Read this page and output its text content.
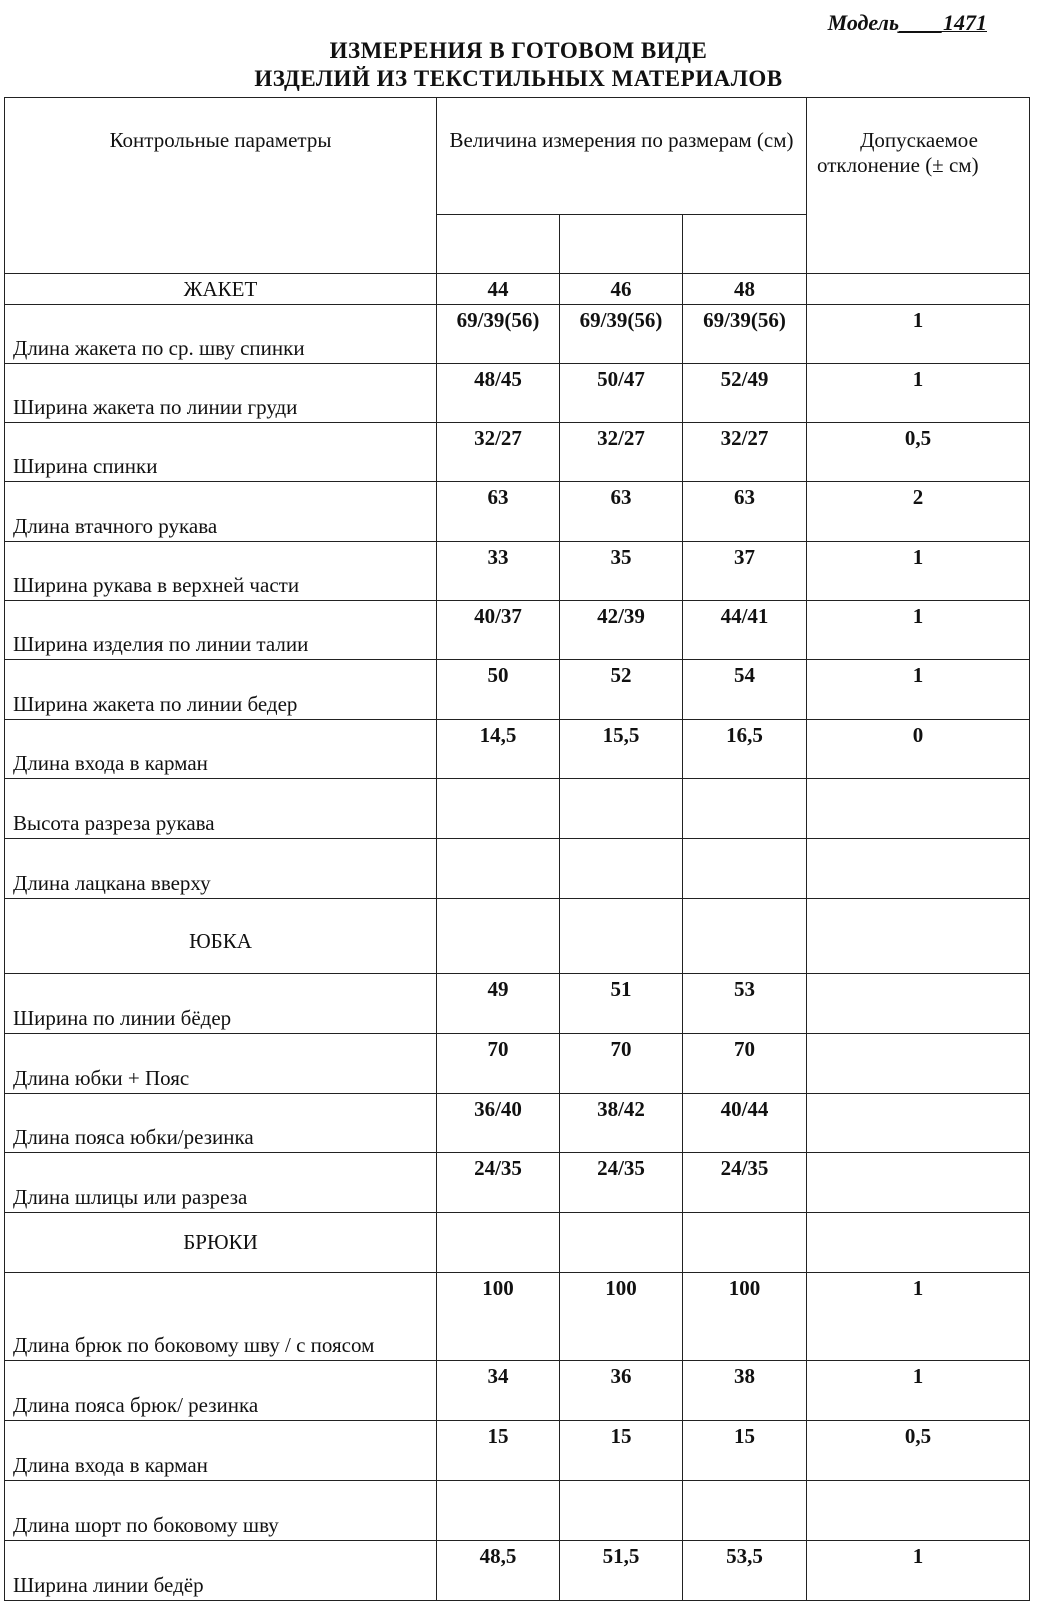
Модель____1471
ИЗМЕРЕНИЯ В ГОТОВОМ ВИДЕ
ИЗДЕЛИЙ ИЗ ТЕКСТИЛЬНЫХ МАТЕРИАЛОВ
Контрольные параметры	Величина измерения по размерам (см)			Допускаемое
отклонение (± см)

ЖАКЕТ	44	46	48	
Длина жакета по ср. шву спинки	69/39(56)	69/39(56)	69/39(56)	1
Ширина жакета по линии груди	48/45	50/47	52/49	1
Ширина спинки	32/27	32/27	32/27	0,5
Длина втачного рукава	63	63	63	2
Ширина рукава в верхней части	33	35	37	1
Ширина изделия по линии талии	40/37	42/39	44/41	1
Ширина жакета по линии бедер	50	52	54	1
Длина входа в карман	14,5	15,5	16,5	0
Высота разреза рукава				
Длина лацкана вверху				
ЮБКА				
Ширина по линии бёдер	49	51	53	
Длина юбки + Пояс	70	70	70	
Длина пояса юбки/резинка	36/40	38/42	40/44	
Длина шлицы или разреза	24/35	24/35	24/35	
БРЮКИ				
Длина брюк по боковому шву / с поясом	100	100	100	1
Длина пояса брюк/ резинка	34	36	38	1
Длина входа в карман	15	15	15	0,5
Длина шорт по боковому шву				
Ширина линии бедёр	48,5	51,5	53,5	1
